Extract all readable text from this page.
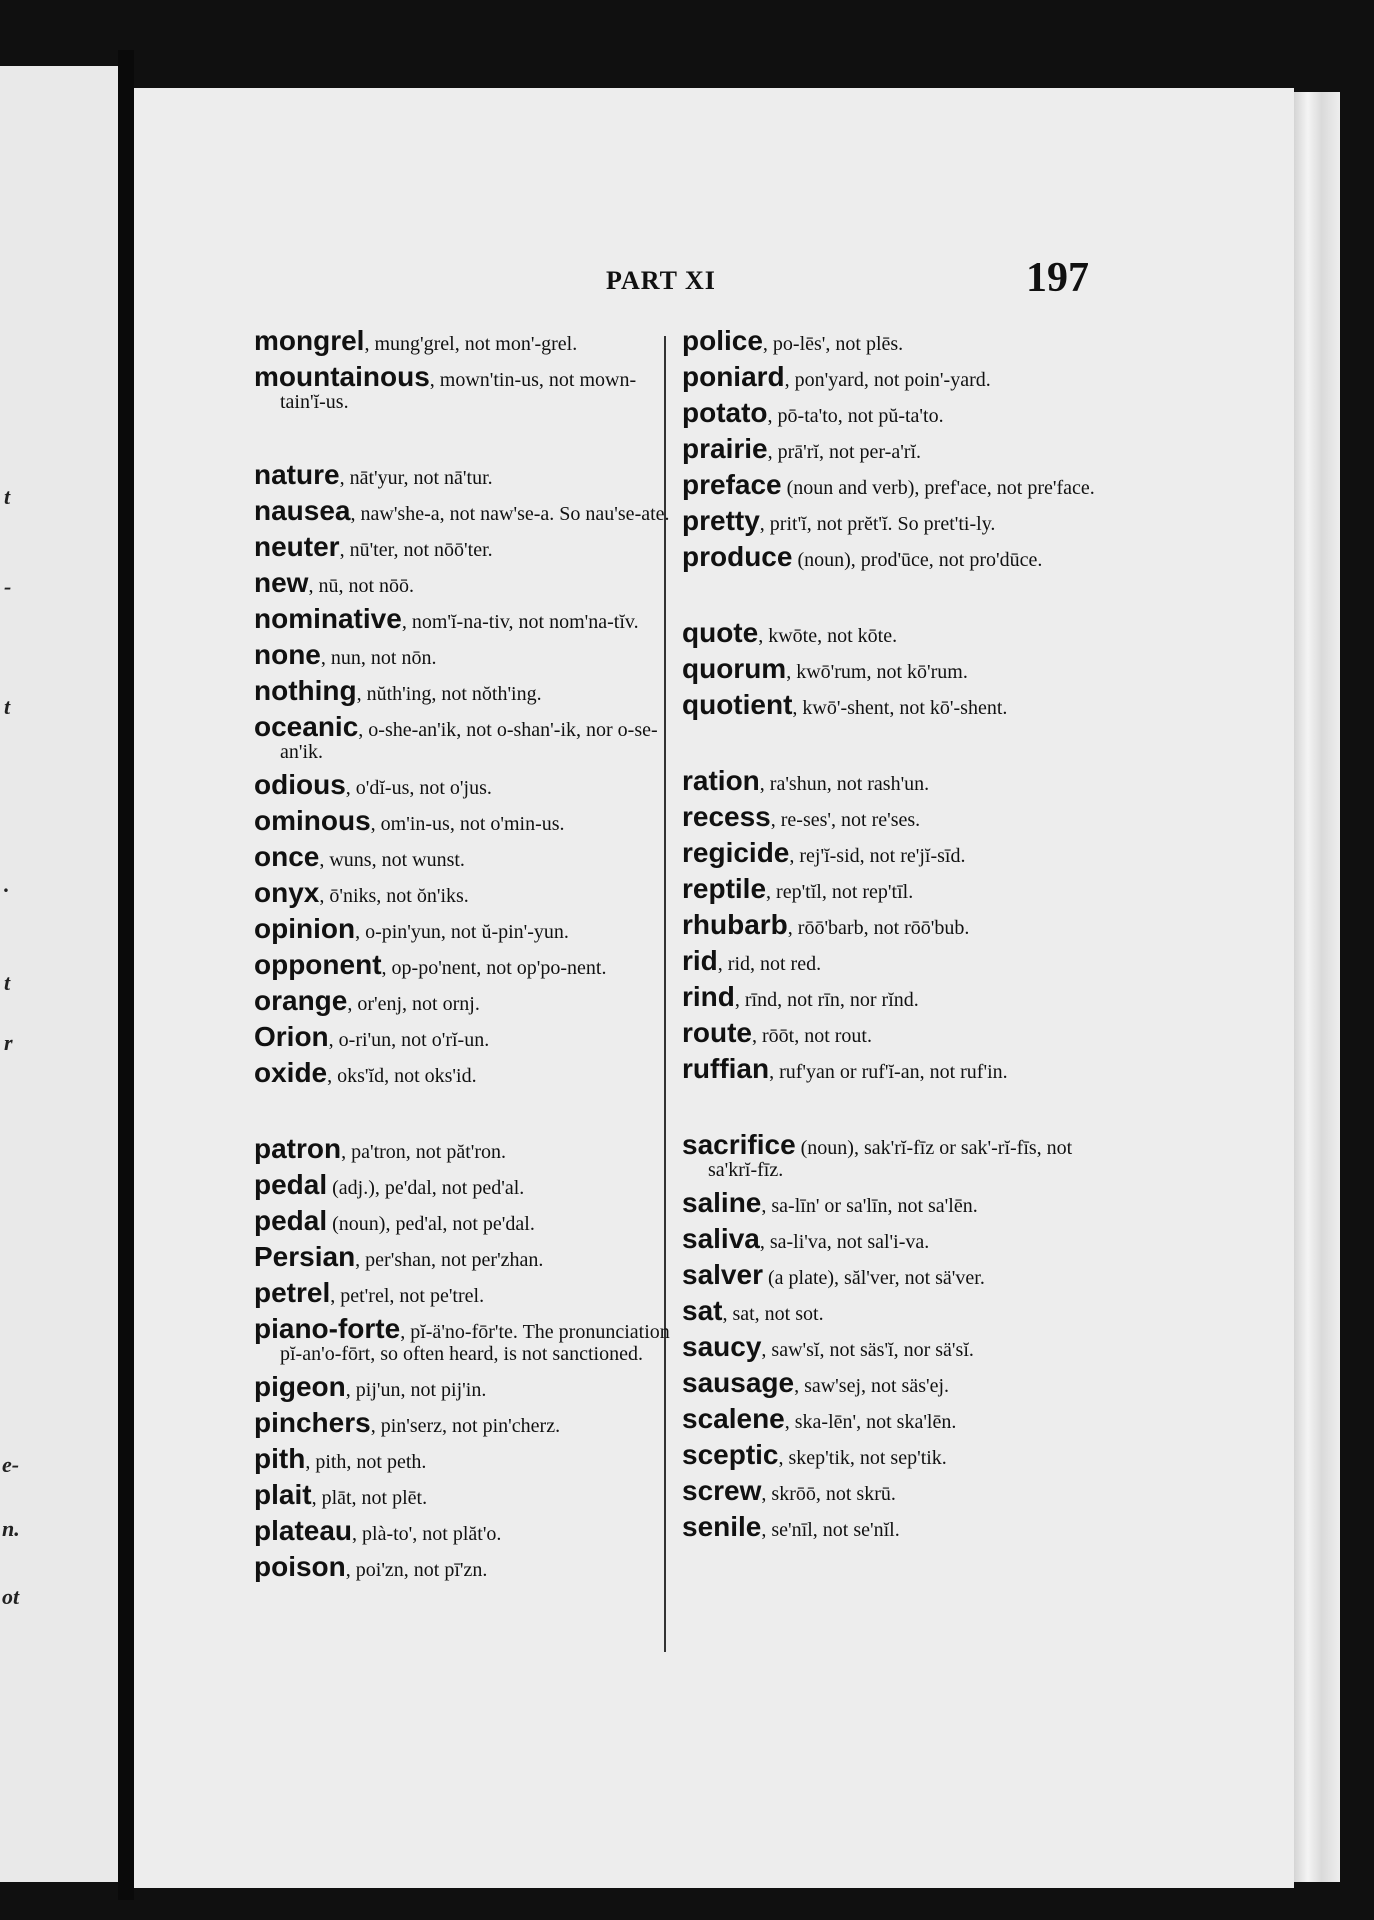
t
-
t
.
t
r
e-
n.
ot
PART XI	197
mongrel, mung'grel, not mon'-grel.
mountainous, mown'tin-us, not mown-tain'ĭ-us.
nature, nāt'yur, not nā'tur.
nausea, naw'she-a, not naw'se-a. So nau'se-ate.
neuter, nū'ter, not nōō'ter.
new, nū, not nōō.
nominative, nom'ĭ-na-tiv, not nom'na-tĭv.
none, nun, not nōn.
nothing, nŭth'ing, not nŏth'ing.
oceanic, o-she-an'ik, not o-shan'-ik, nor o-se-an'ik.
odious, o'dĭ-us, not o'jus.
ominous, om'in-us, not o'min-us.
once, wuns, not wunst.
onyx, ō'niks, not ŏn'iks.
opinion, o-pin'yun, not ŭ-pin'-yun.
opponent, op-po'nent, not op'po-nent.
orange, or'enj, not ornj.
Orion, o-ri'un, not o'rĭ-un.
oxide, oks'ĭd, not oks'id.
patron, pa'tron, not păt'ron.
pedal (adj.), pe'dal, not ped'al.
pedal (noun), ped'al, not pe'dal.
Persian, per'shan, not per'zhan.
petrel, pet'rel, not pe'trel.
piano-forte, pĭ-ä'no-fōr'te. The pronunciation pĭ-an'o-fōrt, so often heard, is not sanctioned.
pigeon, pij'un, not pij'in.
pinchers, pin'serz, not pin'cherz.
pith, pith, not peth.
plait, plāt, not plēt.
plateau, plà-to', not plăt'o.
poison, poi'zn, not pī'zn.
police, po-lēs', not plēs.
poniard, pon'yard, not poin'-yard.
potato, pō-ta'to, not pŭ-ta'to.
prairie, prā'rĭ, not per-a'rĭ.
preface (noun and verb), pref'ace, not pre'face.
pretty, prit'ĭ, not prĕt'ĭ. So pret'ti-ly.
produce (noun), prod'ūce, not pro'dūce.
quote, kwōte, not kōte.
quorum, kwō'rum, not kō'rum.
quotient, kwō'-shent, not kō'-shent.
ration, ra'shun, not rash'un.
recess, re-ses', not re'ses.
regicide, rej'ĭ-sid, not re'jĭ-sīd.
reptile, rep'tĭl, not rep'tīl.
rhubarb, rōō'barb, not rōō'bub.
rid, rid, not red.
rind, rīnd, not rīn, nor rĭnd.
route, rōōt, not rout.
ruffian, ruf'yan or ruf'ĭ-an, not ruf'in.
sacrifice (noun), sak'rĭ-fīz or sak'-rĭ-fīs, not sa'krĭ-fīz.
saline, sa-līn' or sa'līn, not sa'lēn.
saliva, sa-li'va, not sal'i-va.
salver (a plate), săl'ver, not sä'ver.
sat, sat, not sot.
saucy, saw'sĭ, not säs'ĭ, nor sä'sĭ.
sausage, saw'sej, not säs'ej.
scalene, ska-lēn', not ska'lēn.
sceptic, skep'tik, not sep'tik.
screw, skrōō, not skrū.
senile, se'nīl, not se'nĭl.
